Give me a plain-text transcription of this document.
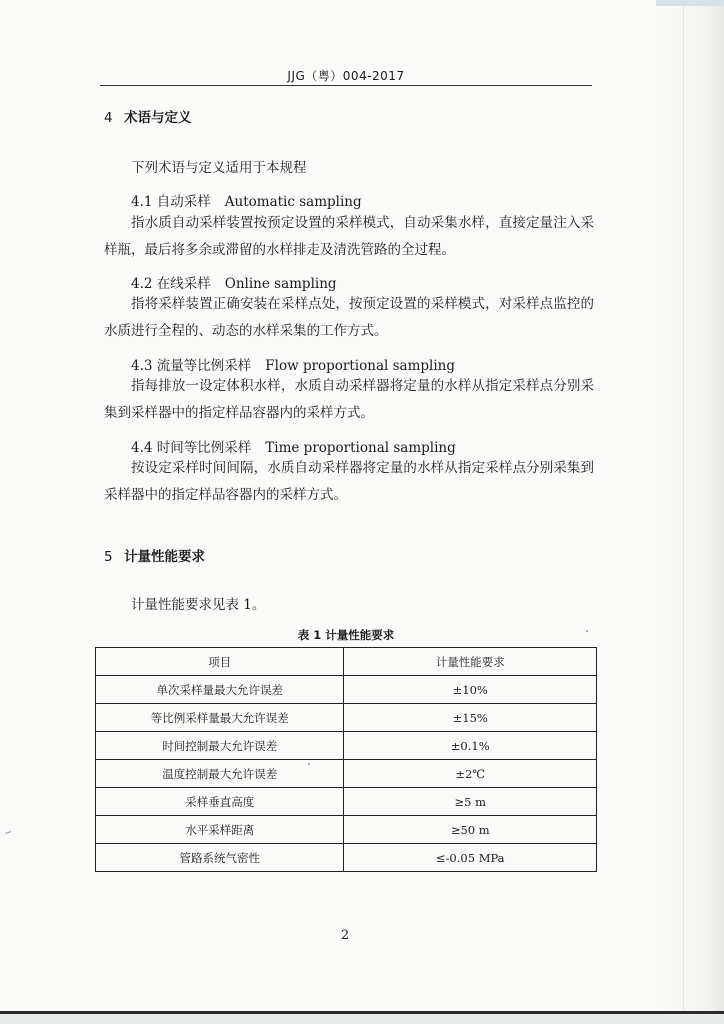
JJG（粤）004-2017
4 术语与定义
下列术语与定义适用于本规程
4.1 自动采样 Automatic sampling
指水质自动采样装置按预定设置的采样模式，自动采集水样，直接定量注入采样瓶，最后将多余或滞留的水样排走及清洗管路的全过程。
4.2 在线采样 Online sampling
指将采样装置正确安装在采样点处，按预定设置的采样模式，对采样点监控的水质进行全程的、动态的水样采集的工作方式。
4.3 流量等比例采样 Flow proportional sampling
指每排放一设定体积水样，水质自动采样器将定量的水样从指定采样点分别采集到采样器中的指定样品容器内的采样方式。
4.4 时间等比例采样 Time proportional sampling
按设定采样时间间隔，水质自动采样器将定量的水样从指定采样点分别采集到采样器中的指定样品容器内的采样方式。
5 计量性能要求
计量性能要求见表 1。
表 1 计量性能要求
项目	计量性能要求
单次采样量最大允许误差	±10%
等比例采样量最大允许误差	±15%
时间控制最大允许误差	±0.1%
温度控制最大允许误差	±2℃
采样垂直高度	≥5 m
水平采样距离	≥50 m
管路系统气密性	≤-0.05 MPa
2
